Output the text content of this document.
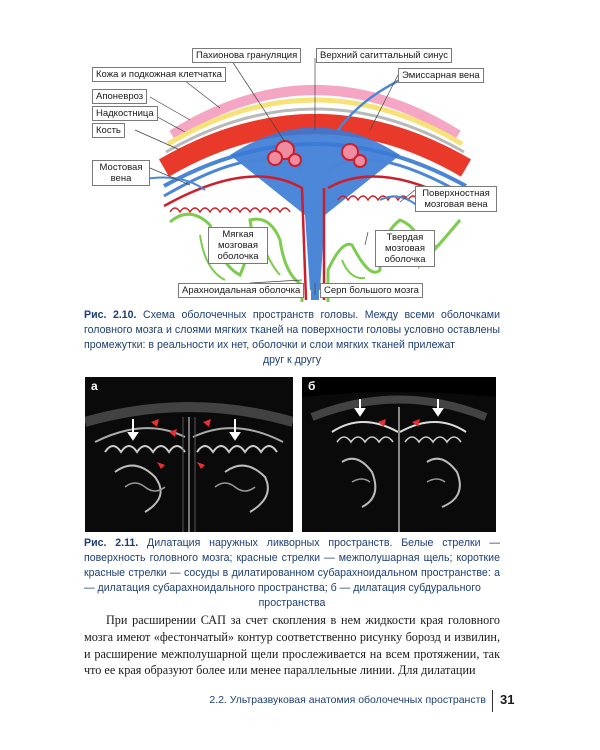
Пахионова грануляция	Верхний сагиттальный синус
Кожа и подкожная клетчатка	Эмиссарная вена
Апоневроз
Надкостница
Кость
Мостовая вена
Поверхностная мозговая вена
Мягкая мозговая оболочка
Твердая мозговая оболочка
Арахноидальная оболочка	Серп большого мозга
Рис. 2.10. Схема оболочечных пространств головы. Между всеми оболочками головного мозга и слоями мягких тканей на поверхности головы условно оставлены промежутки: в реальности их нет, оболочки и слои мягких тканей прилежат
друг к другу
а	б
Рис. 2.11. Дилатация наружных ликворных пространств. Белые стрелки — поверхность головного мозга; красные стрелки — межполушарная щель; короткие красные стрелки — сосуды в дилатированном субарахноидальном пространстве: а — дилатация субарахноидального пространства; б — дилатация субдурального
пространства

При расширении САП за счет скопления в нем жидкости края головного мозга имеют «фестончатый» контур соответственно рисунку борозд и извилин, и расширение межполушарной щели прослеживается на всем протяжении, так что ее края образуют более или менее параллельные линии. Для дилатации

2.2. Ультразвуковая анатомия оболочечных пространств 31
